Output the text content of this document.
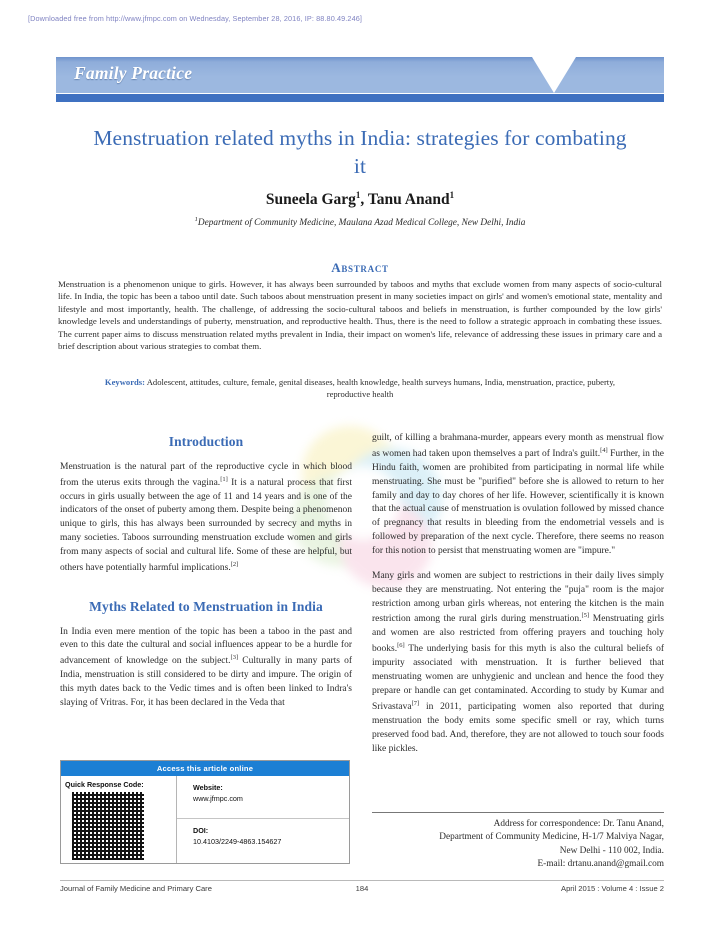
[Downloaded free from http://www.jfmpc.com on Wednesday, September 28, 2016, IP: 88.80.49.246]
Family Practice
Menstruation related myths in India: strategies for combating it
Suneela Garg$^1$, Tanu Anand$^1$
$^1$Department of Community Medicine, Maulana Azad Medical College, New Delhi, India
Abstract
Menstruation is a phenomenon unique to girls. However, it has always been surrounded by taboos and myths that exclude women from many aspects of socio-cultural life. In India, the topic has been a taboo until date. Such taboos about menstruation present in many societies impact on girls' and women's emotional state, mentality and lifestyle and most importantly, health. The challenge, of addressing the socio-cultural taboos and beliefs in menstruation, is further compounded by the low girls' knowledge levels and understandings of puberty, menstruation, and reproductive health. Thus, there is the need to follow a strategic approach in combating these issues. The current paper aims to discuss menstruation related myths prevalent in India, their impact on women's life, relevance of addressing these issues in primary care and a brief description about various strategies to combat them.
Keywords: Adolescent, attitudes, culture, female, genital diseases, health knowledge, health surveys humans, India, menstruation, practice, puberty, reproductive health
Introduction

Menstruation is the natural part of the reproductive cycle in which blood from the uterus exits through the vagina.[1] It is a natural process that first occurs in girls usually between the age of 11 and 14 years and is one of the indicators of the onset of puberty among them. Despite being a phenomenon unique to girls, this has always been surrounded by secrecy and myths in many societies. Taboos surrounding menstruation exclude women and girls from many aspects of social and cultural life. Some of these are helpful, but others have potentially harmful implications.[2]

Myths Related to Menstruation in India

In India even mere mention of the topic has been a taboo in the past and even to this date the cultural and social influences appear to be a hurdle for advancement of knowledge on the subject.[3] Culturally in many parts of India, menstruation is still considered to be dirty and impure. The origin of this myth dates back to the Vedic times and is often been linked to Indra's slaying of Vritras. For, it has been declared in the Veda that

guilt, of killing a brahmana-murder, appears every month as menstrual flow as women had taken upon themselves a part of Indra's guilt.[4] Further, in the Hindu faith, women are prohibited from participating in normal life while menstruating. She must be "purified" before she is allowed to return to her family and day to day chores of her life. However, scientifically it is known that the actual cause of menstruation is ovulation followed by missed chance of pregnancy that results in bleeding from the endometrial vessels and is followed by preparation of the next cycle. Therefore, there seems no reason for this notion to persist that menstruating women are "impure."

Many girls and women are subject to restrictions in their daily lives simply because they are menstruating. Not entering the "puja" room is the major restriction among urban girls whereas, not entering the kitchen is the main restriction among the rural girls during menstruation.[5] Menstruating girls and women are also restricted from offering prayers and touching holy books.[6] The underlying basis for this myth is also the cultural beliefs of impurity associated with menstruation. It is further believed that menstruating women are unhygienic and unclean and hence the food they prepare or handle can get contaminated. According to study by Kumar and Srivastava[7] in 2011, participating women also reported that during menstruation the body emits some specific smell or ray, which turns preserved food bad. And, therefore, they are not allowed to touch sour foods like pickles.

Access this article online
Quick Response Code:	Website:
www.jfmpc.com
DOI:
10.4103/2249-4863.154627
Address for correspondence: Dr. Tanu Anand,
Department of Community Medicine, H-1/7 Malviya Nagar,
New Delhi - 110 002, India.
E-mail: drtanu.anand@gmail.com
Journal of Family Medicine and Primary Care	184	April 2015 : Volume 4 : Issue 2
